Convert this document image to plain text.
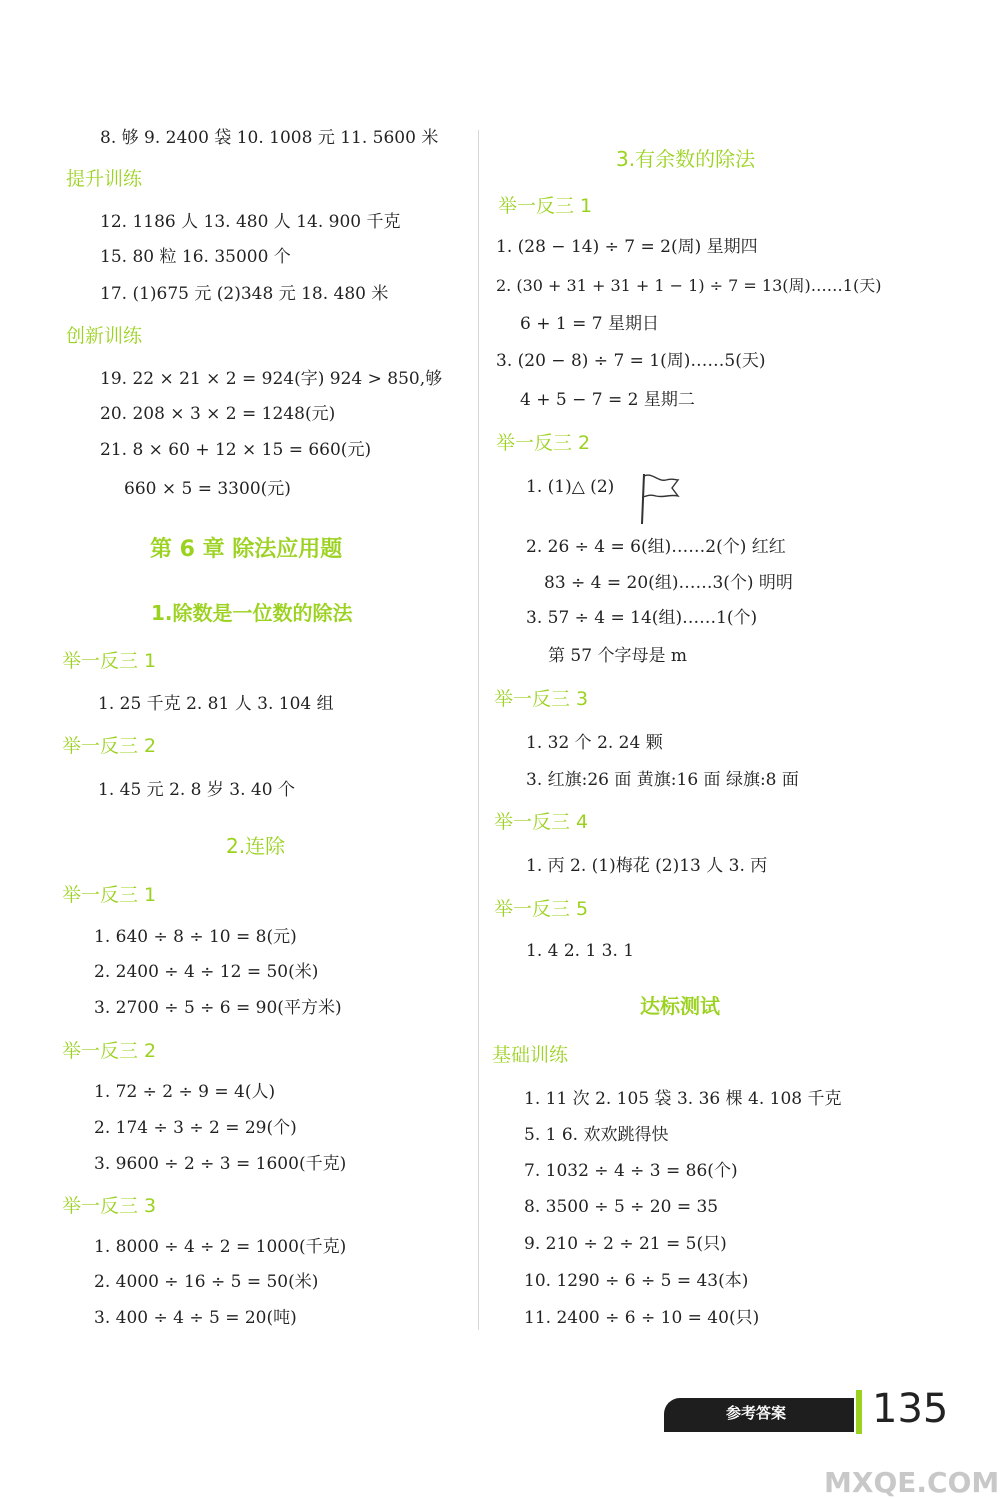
8. 够 9. 2400 袋 10. 1008 元 11. 5600 米
提升训练
12. 1186 人 13. 480 人 14. 900 千克
15. 80 粒 16. 35000 个
17. (1)675 元 (2)348 元 18. 480 米
创新训练
19. 22 × 21 × 2 = 924(字) 924 > 850,够
20. 208 × 3 × 2 = 1248(元)
21. 8 × 60 + 12 × 15 = 660(元)
660 × 5 = 3300(元)
第 6 章 除法应用题
1.除数是一位数的除法
举一反三 1
1. 25 千克 2. 81 人 3. 104 组
举一反三 2
1. 45 元 2. 8 岁 3. 40 个
2.连除
举一反三 1
1. 640 ÷ 8 ÷ 10 = 8(元)
2. 2400 ÷ 4 ÷ 12 = 50(米)
3. 2700 ÷ 5 ÷ 6 = 90(平方米)
举一反三 2
1. 72 ÷ 2 ÷ 9 = 4(人)
2. 174 ÷ 3 ÷ 2 = 29(个)
3. 9600 ÷ 2 ÷ 3 = 1600(千克)
举一反三 3
1. 8000 ÷ 4 ÷ 2 = 1000(千克)
2. 4000 ÷ 16 ÷ 5 = 50(米)
3. 400 ÷ 4 ÷ 5 = 20(吨)
3.有余数的除法
举一反三 1
1. (28 − 14) ÷ 7 = 2(周) 星期四
2. (30 + 31 + 31 + 1 − 1) ÷ 7 = 13(周)……1(天)
6 + 1 = 7 星期日
3. (20 − 8) ÷ 7 = 1(周)……5(天)
4 + 5 − 7 = 2 星期二
举一反三 2
1. (1)△ (2)
2. 26 ÷ 4 = 6(组)……2(个) 红红
83 ÷ 4 = 20(组)……3(个) 明明
3. 57 ÷ 4 = 14(组)……1(个)
第 57 个字母是 m
举一反三 3
1. 32 个 2. 24 颗
3. 红旗:26 面 黄旗:16 面 绿旗:8 面
举一反三 4
1. 丙 2. (1)梅花 (2)13 人 3. 丙
举一反三 5
1. 4 2. 1 3. 1
达标测试
基础训练
1. 11 次 2. 105 袋 3. 36 棵 4. 108 千克
5. 1 6. 欢欢跳得快
7. 1032 ÷ 4 ÷ 3 = 86(个)
8. 3500 ÷ 5 ÷ 20 = 35
9. 210 ÷ 2 ÷ 21 = 5(只)
10. 1290 ÷ 6 ÷ 5 = 43(本)
11. 2400 ÷ 6 ÷ 10 = 40(只)
参考答案 135
MXQE.COM
